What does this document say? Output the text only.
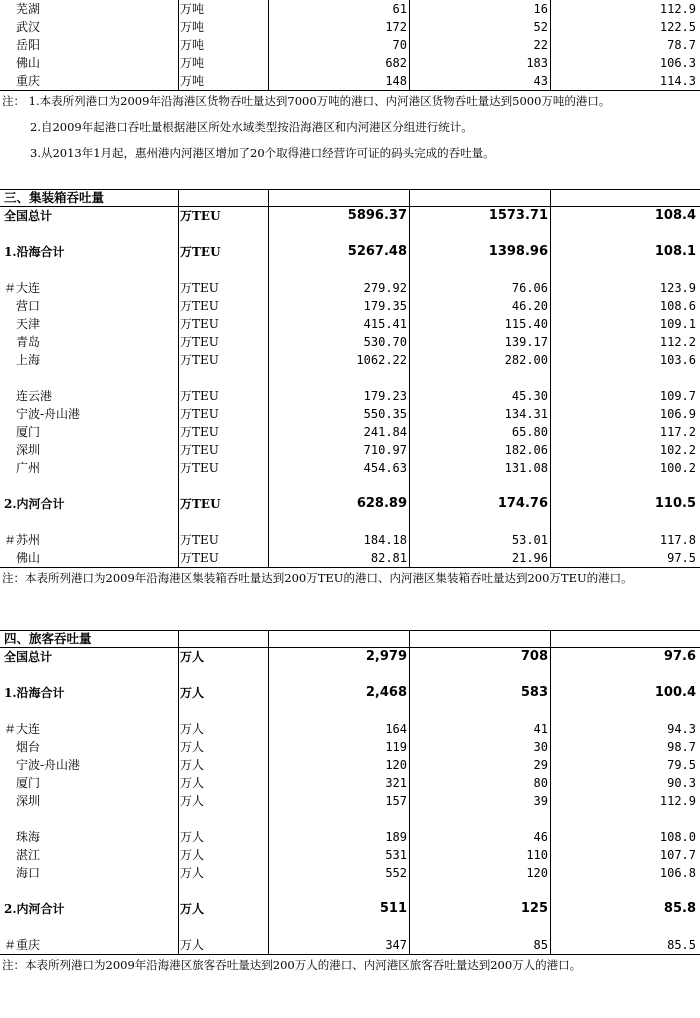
芜湖	万吨	61	16	112.9
武汉	万吨	172	52	122.5
岳阳	万吨	70	22	78.7
佛山	万吨	682	183	106.3
重庆	万吨	148	43	114.3
注： 1.本表所列港口为2009年沿海港区货物吞吐量达到7000万吨的港口、内河港区货物吞吐量达到5000万吨的港口。
2.自2009年起港口吞吐量根据港区所处水域类型按沿海港区和内河港区分组进行统计。
3.从2013年1月起，惠州港内河港区增加了20个取得港口经营许可证的码头完成的吞吐量。
三、集装箱吞吐量
全国总计	万TEU	5896.37	1573.71	108.4
1.沿海合计	万TEU	5267.48	1398.96	108.1
＃大连	万TEU	279.92	76.06	123.9
营口	万TEU	179.35	46.20	108.6
天津	万TEU	415.41	115.40	109.1
青岛	万TEU	530.70	139.17	112.2
上海	万TEU	1062.22	282.00	103.6
连云港	万TEU	179.23	45.30	109.7
宁波-舟山港	万TEU	550.35	134.31	106.9
厦门	万TEU	241.84	65.80	117.2
深圳	万TEU	710.97	182.06	102.2
广州	万TEU	454.63	131.08	100.2
2.内河合计	万TEU	628.89	174.76	110.5
＃苏州	万TEU	184.18	53.01	117.8
佛山	万TEU	82.81	21.96	97.5
注：本表所列港口为2009年沿海港区集装箱吞吐量达到200万TEU的港口、内河港区集装箱吞吐量达到200万TEU的港口。
四、旅客吞吐量
全国总计	万人	2,979	708	97.6
1.沿海合计	万人	2,468	583	100.4
＃大连	万人	164	41	94.3
烟台	万人	119	30	98.7
宁波-舟山港	万人	120	29	79.5
厦门	万人	321	80	90.3
深圳	万人	157	39	112.9
珠海	万人	189	46	108.0
湛江	万人	531	110	107.7
海口	万人	552	120	106.8
2.内河合计	万人	511	125	85.8
＃重庆	万人	347	85	85.5
注：本表所列港口为2009年沿海港区旅客吞吐量达到200万人的港口、内河港区旅客吞吐量达到200万人的港口。
